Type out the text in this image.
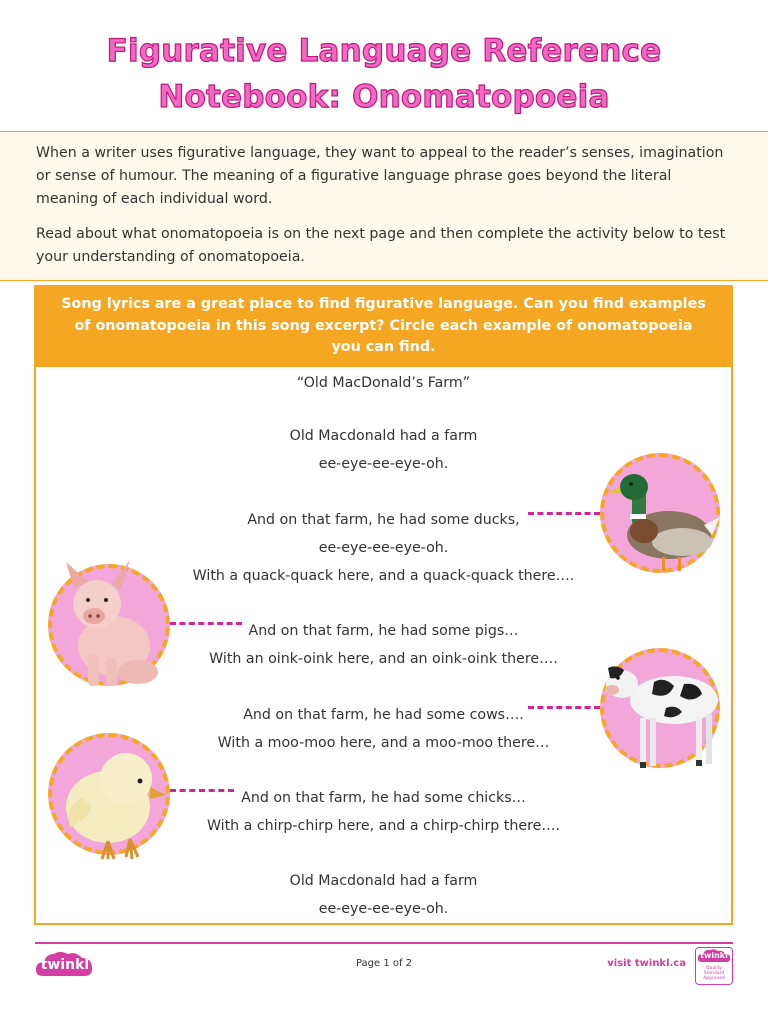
Figurative Language Reference
Notebook: Onomatopoeia

When a writer uses figurative language, they want to appeal to the reader’s senses, imagination

or sense of humour. The meaning of a figurative language phrase goes beyond the literal

meaning of each individual word.

Read about what onomatopoeia is on the next page and then complete the activity below to test

your understanding of onomatopoeia.

Song lyrics are a great place to find figurative language. Can you find examples
of onomatopoeia in this song excerpt? Circle each example of onomatopoeia
you can find.
“Old MacDonald’s Farm”
Old Macdonald had a farm
ee-eye-ee-eye-oh.
And on that farm, he had some ducks,
ee-eye-ee-eye-oh.
With a quack-quack here, and a quack-quack there….
And on that farm, he had some pigs…
With an oink-oink here, and an oink-oink there….
And on that farm, he had some cows….
With a moo-moo here, and a moo-moo there…
And on that farm, he had some chicks…
With a chirp-chirp here, and a chirp-chirp there….
Old Macdonald had a farm
ee-eye-ee-eye-oh.
twinkl	Page 1 of 2	visit twinkl.ca
twinkl
Quality Standard Approved
